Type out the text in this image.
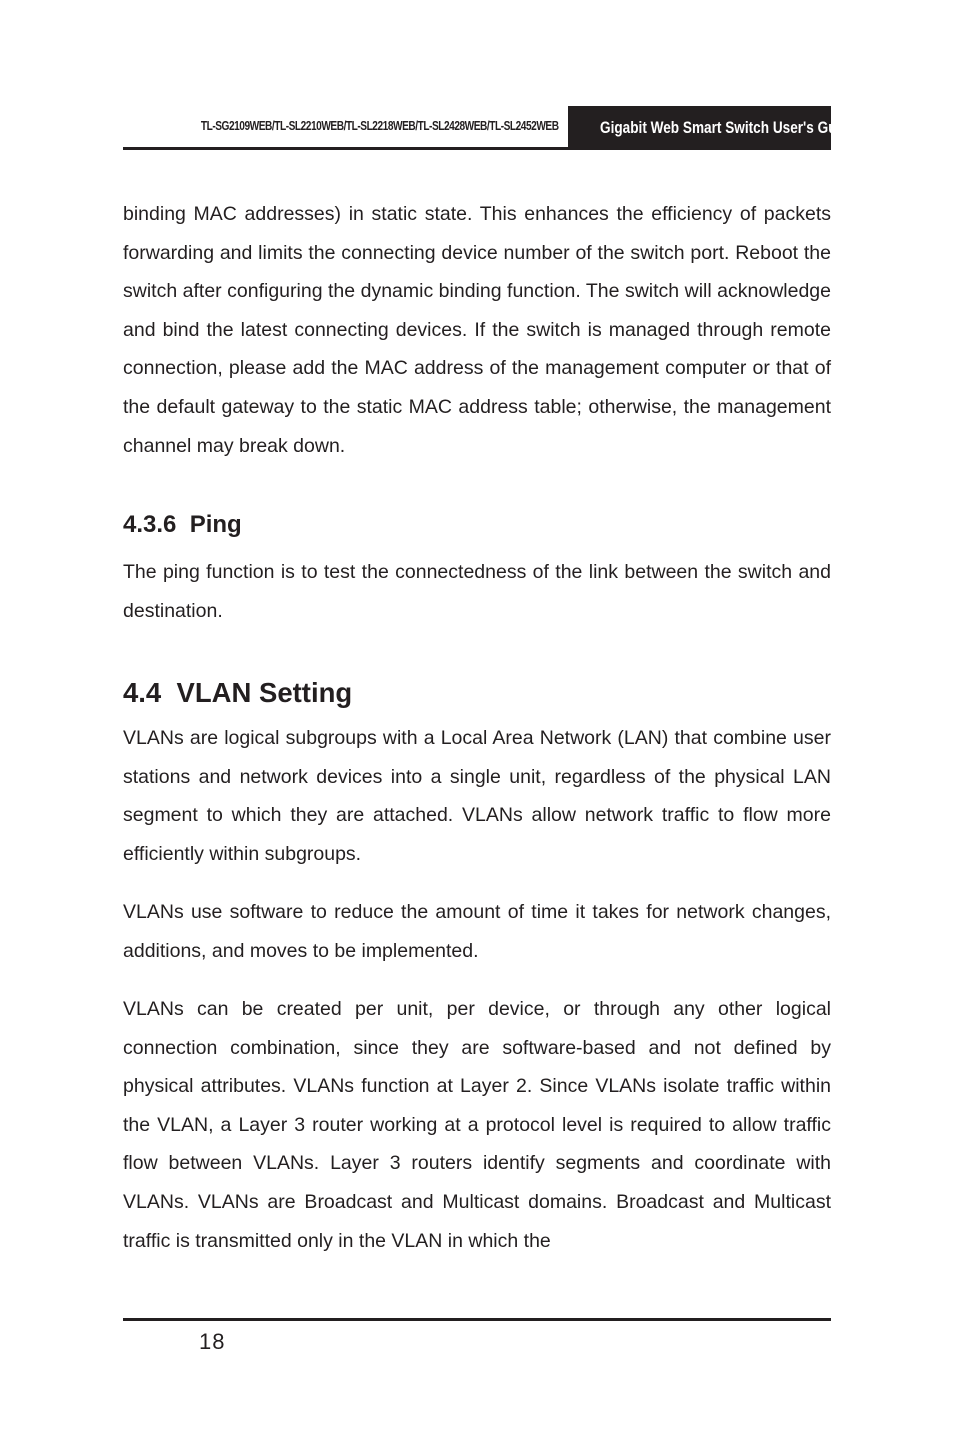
TL-SG2109WEB/TL-SL2210WEB/TL-SL2218WEB/TL-SL2428WEB/TL-SL2452WEB	Gigabit Web Smart Switch User's Guide

binding MAC addresses) in static state. This enhances the efficiency of packets forwarding and limits the connecting device number of the switch port. Reboot the switch after configuring the dynamic binding function. The switch will acknowledge and bind the latest connecting devices. If the switch is managed through remote connection, please add the MAC address of the management computer or that of the default gateway to the static MAC address table; otherwise, the management channel may break down.

4.3.6  Ping

The ping function is to test the connectedness of the link between the switch and destination.

4.4  VLAN Setting

VLANs are logical subgroups with a Local Area Network (LAN) that combine user stations and network devices into a single unit, regardless of the physical LAN segment to which they are attached. VLANs allow network traffic to flow more efficiently within subgroups.

VLANs use software to reduce the amount of time it takes for network changes, additions, and moves to be implemented.

VLANs can be created per unit, per device, or through any other logical connection combination, since they are software-based and not defined by physical attributes. VLANs function at Layer 2. Since VLANs isolate traffic within the VLAN, a Layer 3 router working at a protocol level is required to allow traffic flow between VLANs. Layer 3 routers identify segments and coordinate with VLANs. VLANs are Broadcast and Multicast domains. Broadcast and Multicast traffic is transmitted only in the VLAN in which the

18
